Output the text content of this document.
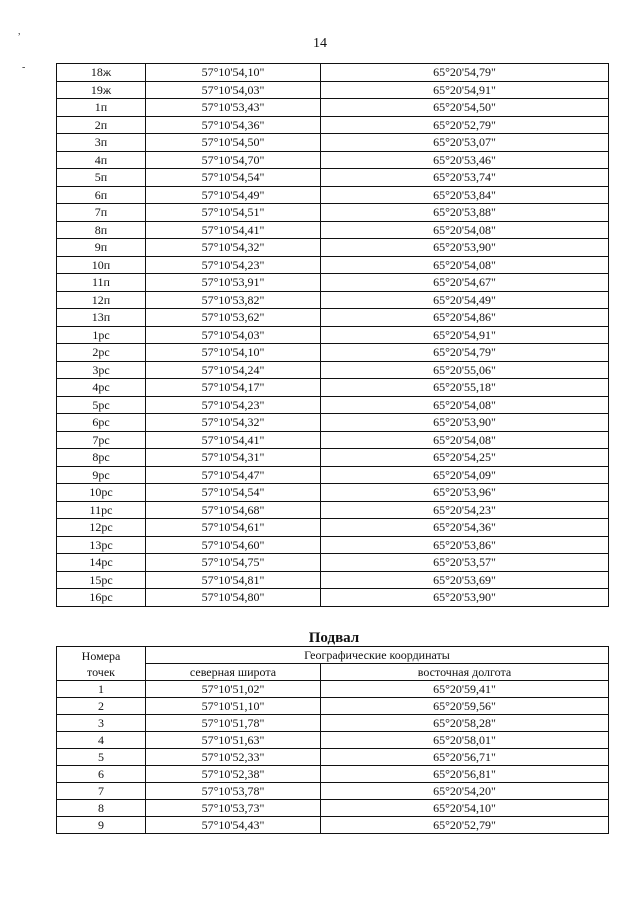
14
,
-	18ж	57°10'54,10"	65°20'54,79"
19ж	57°10'54,03"	65°20'54,91"
1п	57°10'53,43"	65°20'54,50"
2п	57°10'54,36"	65°20'52,79"
3п	57°10'54,50"	65°20'53,07"
4п	57°10'54,70"	65°20'53,46"
5п	57°10'54,54"	65°20'53,74"
6п	57°10'54,49"	65°20'53,84"
7п	57°10'54,51"	65°20'53,88"
8п	57°10'54,41"	65°20'54,08"
9п	57°10'54,32"	65°20'53,90"
10п	57°10'54,23"	65°20'54,08"
11п	57°10'53,91"	65°20'54,67"
12п	57°10'53,82"	65°20'54,49"
13п	57°10'53,62"	65°20'54,86"
1рс	57°10'54,03"	65°20'54,91"
2рс	57°10'54,10"	65°20'54,79"
3рс	57°10'54,24"	65°20'55,06"
4рс	57°10'54,17"	65°20'55,18"
5рс	57°10'54,23"	65°20'54,08"
6рс	57°10'54,32"	65°20'53,90"
7рс	57°10'54,41"	65°20'54,08"
8рс	57°10'54,31"	65°20'54,25"
9рс	57°10'54,47"	65°20'54,09"
10рс	57°10'54,54"	65°20'53,96"
11рс	57°10'54,68"	65°20'54,23"
12рс	57°10'54,61"	65°20'54,36"
13рс	57°10'54,60"	65°20'53,86"
14рс	57°10'54,75"	65°20'53,57"
15рс	57°10'54,81"	65°20'53,69"
16рс	57°10'54,80"	65°20'53,90"
Подвал
Номера
точек	Географические координаты	
	северная широта	восточная долгота
1	57°10'51,02"	65°20'59,41"
2	57°10'51,10"	65°20'59,56"
3	57°10'51,78"	65°20'58,28"
4	57°10'51,63"	65°20'58,01"
5	57°10'52,33"	65°20'56,71"
6	57°10'52,38"	65°20'56,81"
7	57°10'53,78"	65°20'54,20"
8	57°10'53,73"	65°20'54,10"
9	57°10'54,43"	65°20'52,79"
